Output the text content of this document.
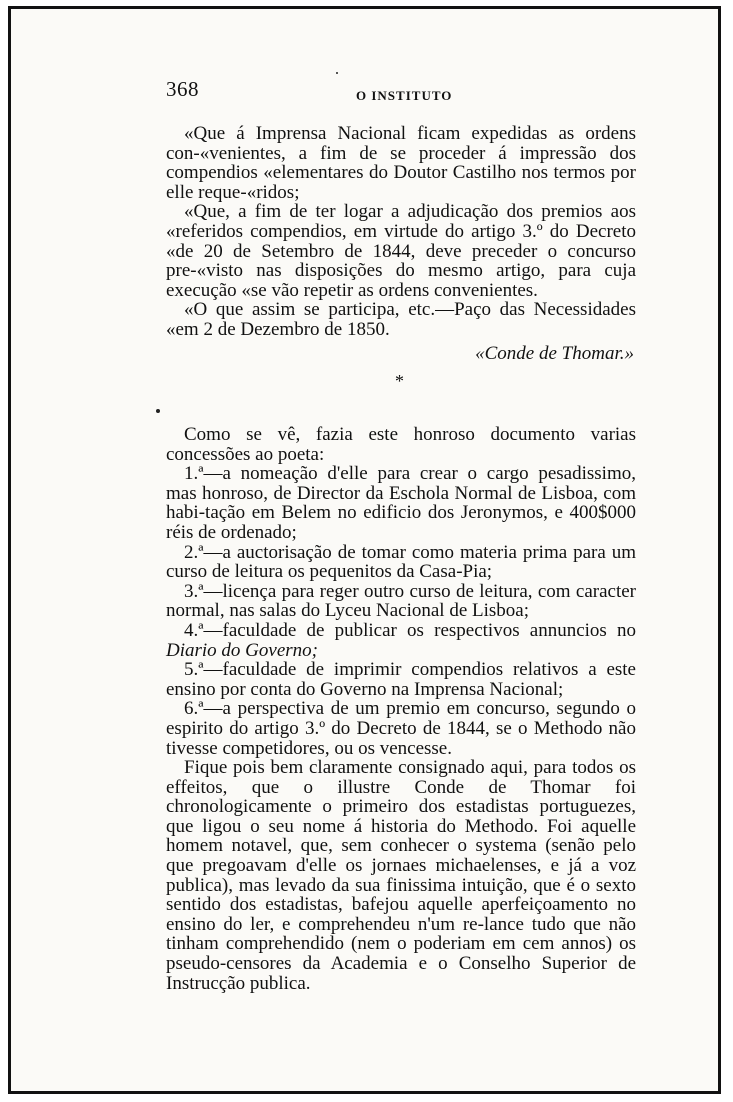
368	O INSTITUTO

«Que á Imprensa Nacional ficam expedidas as ordens con-«venientes, a fim de se proceder á impressão dos compendios «elementares do Doutor Castilho nos termos por elle reque-«ridos;

«Que, a fim de ter logar a adjudicação dos premios aos «referidos compendios, em virtude do artigo 3.º do Decreto «de 20 de Setembro de 1844, deve preceder o concurso pre-«visto nas disposições do mesmo artigo, para cuja execução «se vão repetir as ordens convenientes.

«O que assim se participa, etc.—Paço das Necessidades «em 2 de Dezembro de 1850.

«Conde de Thomar.»

*

Como se vê, fazia este honroso documento varias concessões ao poeta:

1.ª—a nomeação d'elle para crear o cargo pesadissimo, mas honroso, de Director da Eschola Normal de Lisboa, com habi-tação em Belem no edificio dos Jeronymos, e 400$000 réis de ordenado;

2.ª—a auctorisação de tomar como materia prima para um curso de leitura os pequenitos da Casa-Pia;

3.ª—licença para reger outro curso de leitura, com caracter normal, nas salas do Lyceu Nacional de Lisboa;

4.ª—faculdade de publicar os respectivos annuncios no Diario do Governo;

5.ª—faculdade de imprimir compendios relativos a este ensino por conta do Governo na Imprensa Nacional;

6.ª—a perspectiva de um premio em concurso, segundo o espirito do artigo 3.º do Decreto de 1844, se o Methodo não tivesse competidores, ou os vencesse.

Fique pois bem claramente consignado aqui, para todos os effeitos, que o illustre Conde de Thomar foi chronologicamente o primeiro dos estadistas portuguezes, que ligou o seu nome á historia do Methodo. Foi aquelle homem notavel, que, sem conhecer o systema (senão pelo que pregoavam d'elle os jornaes michaelenses, e já a voz publica), mas levado da sua finissima intuição, que é o sexto sentido dos estadistas, bafejou aquelle aperfeiçoamento no ensino do ler, e comprehendeu n'um re-lance tudo que não tinham comprehendido (nem o poderiam em cem annos) os pseudo-censores da Academia e o Conselho Superior de Instrucção publica.
